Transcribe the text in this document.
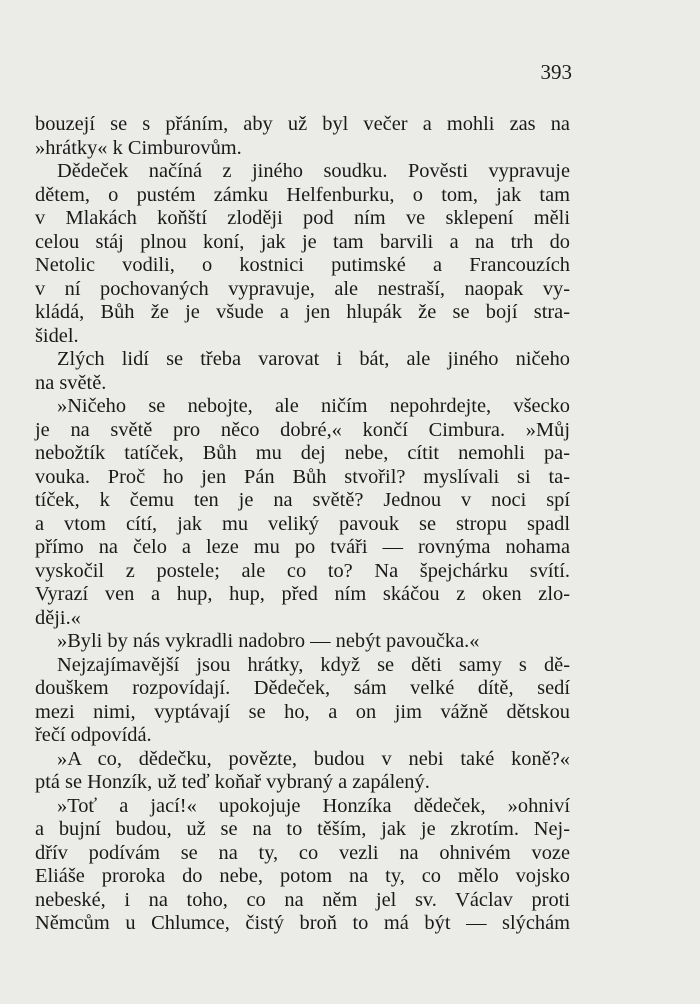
393
bouzejí se s přáním, aby už byl večer a mohli zas na
»hrátky« k Cimburovům.
Dědeček načíná z jiného soudku. Pověsti vypravuje
dětem, o pustém zámku Helfenburku, o tom, jak tam
v Mlakách koňští zloději pod ním ve sklepení měli
celou stáj plnou koní, jak je tam barvili a na trh do
Netolic vodili, o kostnici putimské a Francouzích
v ní pochovaných vypravuje, ale nestraší, naopak vy-
kládá, Bůh že je všude a jen hlupák že se bojí stra-
šidel.
Zlých lidí se třeba varovat i bát, ale jiného ničeho
na světě.
»Ničeho se nebojte, ale ničím nepohrdejte, všecko
je na světě pro něco dobré,« končí Cimbura. »Můj
nebožtík tatíček, Bůh mu dej nebe, cítit nemohli pa-
vouka. Proč ho jen Pán Bůh stvořil? myslívali si ta-
tíček, k čemu ten je na světě? Jednou v noci spí
a vtom cítí, jak mu veliký pavouk se stropu spadl
přímo na čelo a leze mu po tváři — rovnýma nohama
vyskočil z postele; ale co to? Na špejchárku svítí.
Vyrazí ven a hup, hup, před ním skáčou z oken zlo-
ději.«
»Byli by nás vykradli nadobro — nebýt pavoučka.«
Nejzajímavější jsou hrátky, když se děti samy s dě-
douškem rozpovídají. Dědeček, sám velké dítě, sedí
mezi nimi, vyptávají se ho, a on jim vážně dětskou
řečí odpovídá.
»A co, dědečku, povězte, budou v nebi také koně?«
ptá se Honzík, už teď koňař vybraný a zapálený.
»Toť a jací!« upokojuje Honzíka dědeček, »ohniví
a bujní budou, už se na to těším, jak je zkrotím. Nej-
dřív podívám se na ty, co vezli na ohnivém voze
Eliáše proroka do nebe, potom na ty, co mělo vojsko
nebeské, i na toho, co na něm jel sv. Václav proti
Němcům u Chlumce, čistý broň to má být — slýchám
